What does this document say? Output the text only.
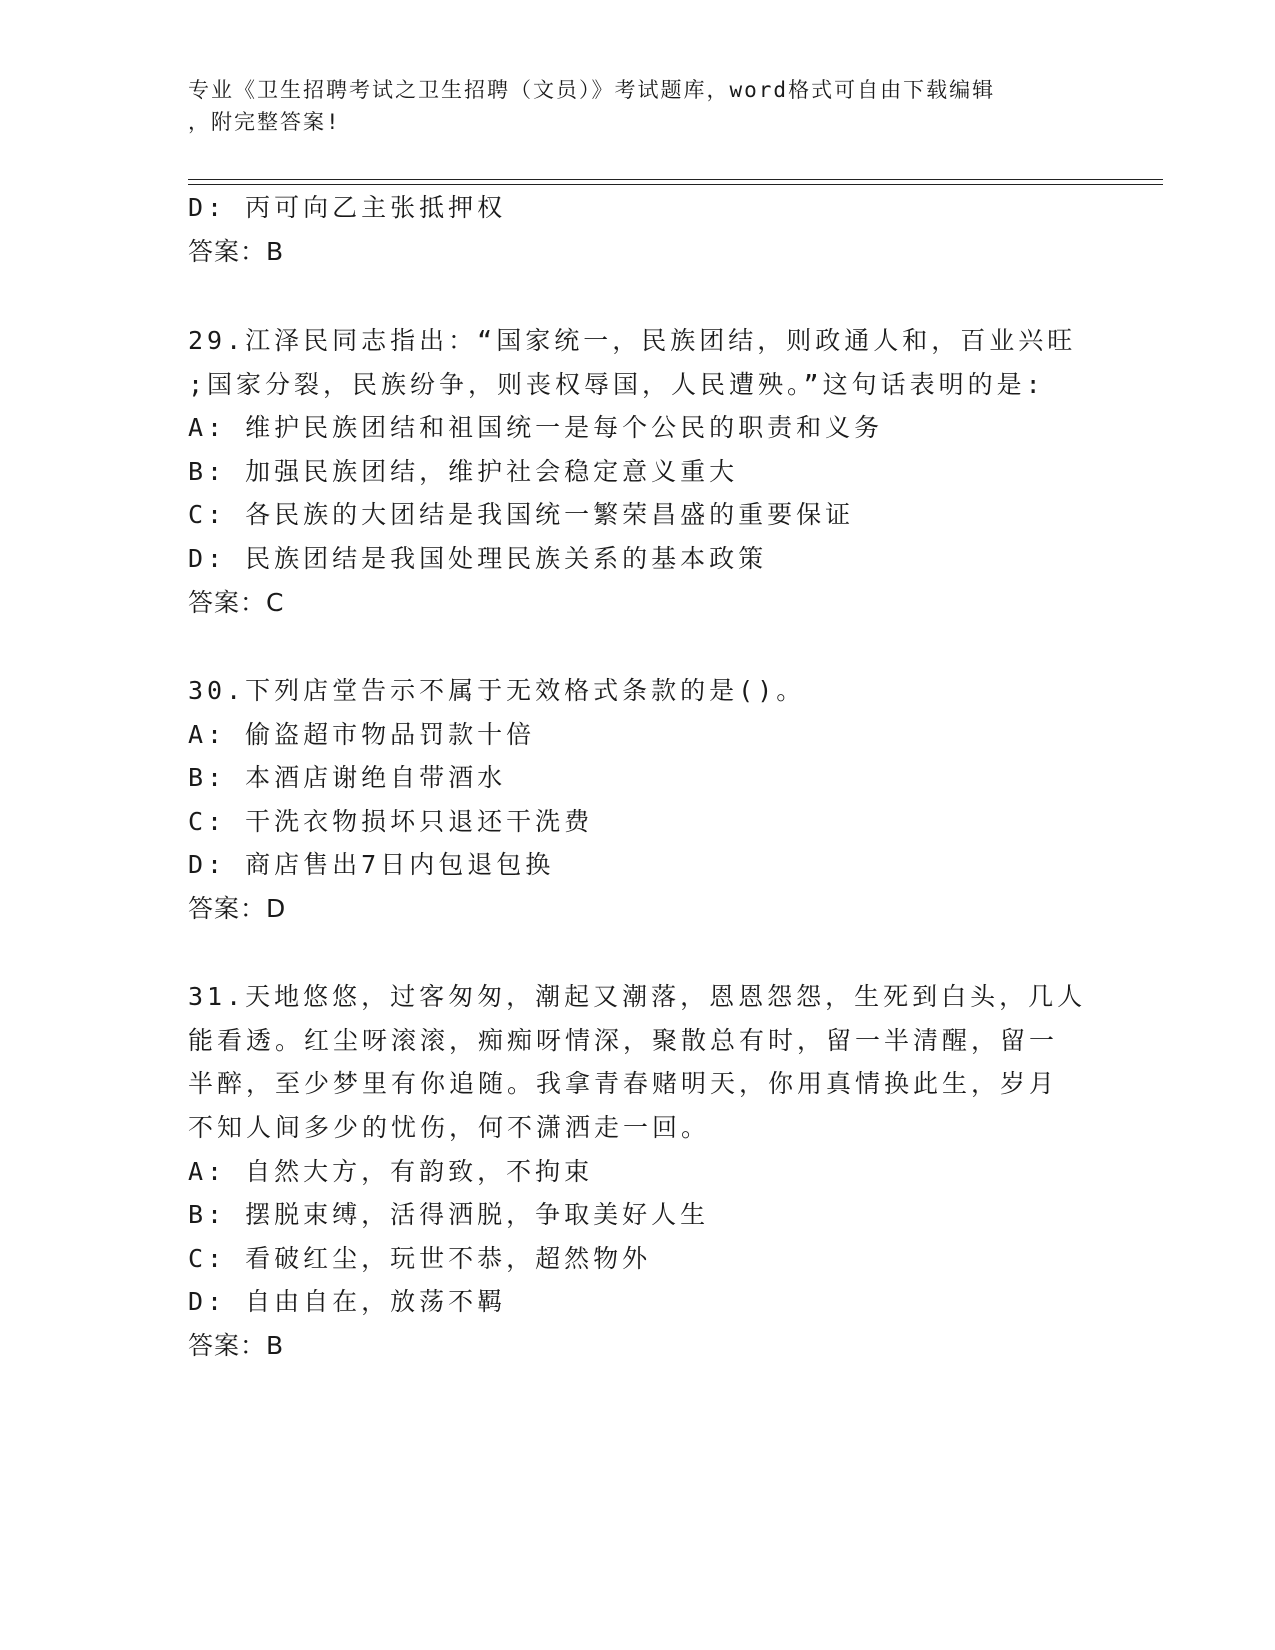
专业《卫生招聘考试之卫生招聘（文员）》考试题库，word格式可自由下载编辑
，附完整答案!
D: 丙可向乙主张抵押权
答案：B
29.江泽民同志指出：“国家统一，民族团结，则政通人和，百业兴旺
;国家分裂，民族纷争，则丧权辱国，人民遭殃。”这句话表明的是:
A: 维护民族团结和祖国统一是每个公民的职责和义务
B: 加强民族团结，维护社会稳定意义重大
C: 各民族的大团结是我国统一繁荣昌盛的重要保证
D: 民族团结是我国处理民族关系的基本政策
答案：C
30.下列店堂告示不属于无效格式条款的是()。
A: 偷盗超市物品罚款十倍
B: 本酒店谢绝自带酒水
C: 干洗衣物损坏只退还干洗费
D: 商店售出7日内包退包换
答案：D
31.天地悠悠，过客匆匆，潮起又潮落，恩恩怨怨，生死到白头，几人
能看透。红尘呀滚滚，痴痴呀情深，聚散总有时，留一半清醒，留一
半醉，至少梦里有你追随。我拿青春赌明天，你用真情换此生，岁月
不知人间多少的忧伤，何不潇洒走一回。
A: 自然大方，有韵致，不拘束
B: 摆脱束缚，活得洒脱，争取美好人生
C: 看破红尘，玩世不恭，超然物外
D: 自由自在，放荡不羁
答案：B
